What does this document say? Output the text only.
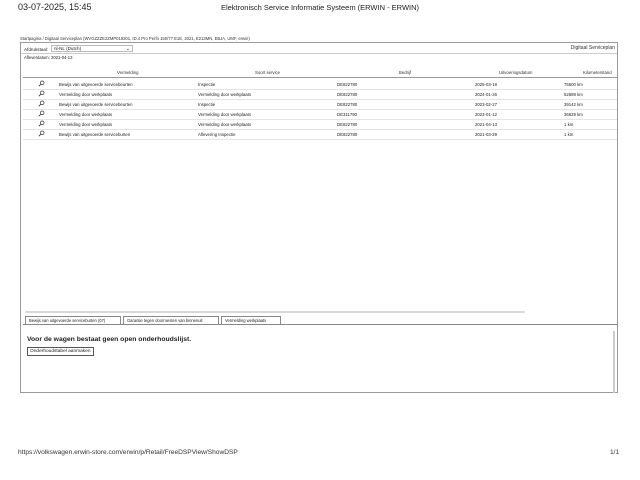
03-07-2025, 15:45	Elektronisch Service Informatie Systeem (ERWIN - ERWIN)
Startpagina / Digitaal Serviceplan (WVGZZZE2ZMP019201, ID.4 Pro Perfo 150/77 E1E, 2021, E213MN, EBJA, UMF, erwin)
Afdrukstaal:	nl-NL (Dutch)	⌄	Digitaal Serviceplan
Afleverdatum: 2021-04-13
Vermelding	Soort service	Bedrijf	Uitvoeringsdatum	Kilometerstand
Bewijs van uitgevoerde servicebeurten	Inspectie	DE822780	2025-03-19	75600 km
Vermelding door werkplaats	Vermelding door werkplaats	DE822780	2024-01-26	52689 km
Bewijs van uitgevoerde servicebeurten	Inspectie	DE822780	2023-02-27	39142 km
Vermelding door werkplaats	Vermelding door werkplaats	DE311790	2023-01-12	36629 km
Vermelding door werkplaats	Vermelding door werkplaats	DE822780	2021-04-13	1 km
Bewijs van uitgevoerde serviceburten	Aflevering Inspectie	DE822780	2021-03-29	1 km
Bewijs van uitgevoerde serviceburten (07)	Garantie tegen doorroesten van binnenuit	Vermelding werkplaats
Voor de wagen bestaat geen open onderhoudslijst.
Onderhoudstabel aanmaken
https://volkswagen.erwin-store.com/erwin/p/Retail/FreeDSPView/ShowDSP	1/1
